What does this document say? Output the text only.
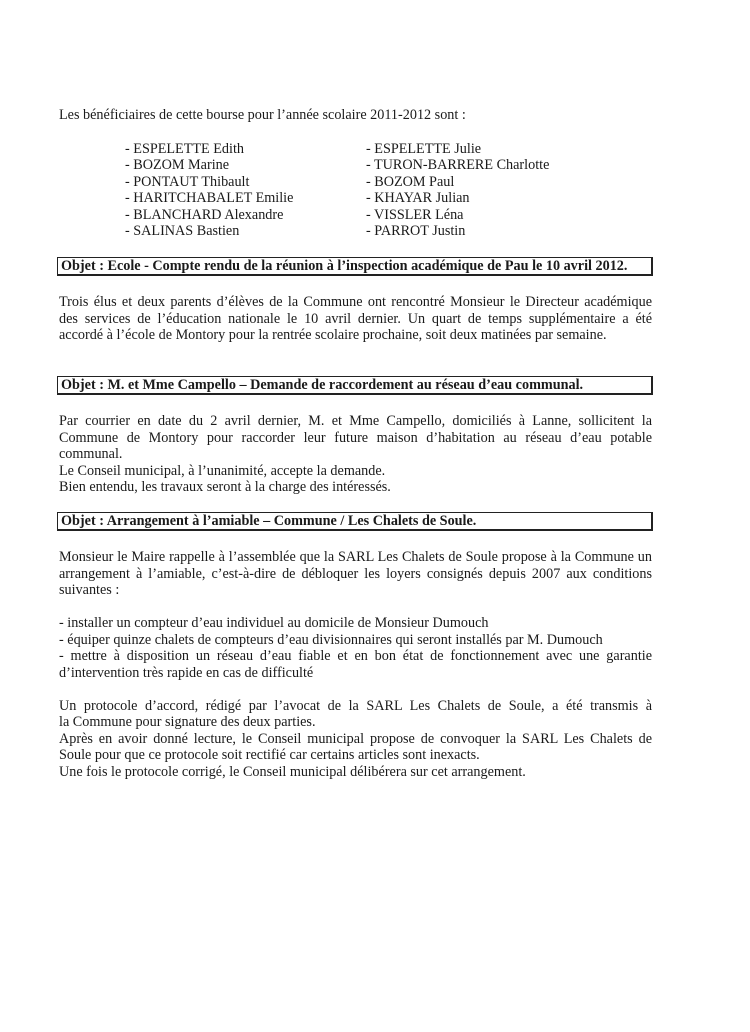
Les bénéficiaires de cette bourse pour l’année scolaire 2011-2012 sont :
- ESPELETTE Edith
- BOZOM Marine
- PONTAUT Thibault
- HARITCHABALET Emilie
- BLANCHARD Alexandre
- SALINAS Bastien
- ESPELETTE Julie
- TURON-BARRERE Charlotte
- BOZOM Paul
- KHAYAR Julian
- VISSLER Léna
- PARROT Justin
Objet : Ecole - Compte rendu de la réunion à l’inspection académique de Pau le 10 avril 2012.

Trois élus et deux parents d’élèves de la Commune ont rencontré Monsieur le Directeur académique

des services de l’éducation nationale le 10 avril dernier. Un quart de temps supplémentaire a été

accordé à l’école de Montory pour la rentrée scolaire prochaine, soit deux matinées par semaine.

Objet : M. et Mme Campello – Demande de raccordement au réseau d’eau communal.

Par courrier en date du 2 avril dernier, M. et Mme Campello, domiciliés à Lanne, sollicitent la

Commune de Montory pour raccorder leur future maison d’habitation au réseau d’eau potable

communal.

Le Conseil municipal, à l’unanimité, accepte la demande.

Bien entendu, les travaux seront à la charge des intéressés.

Objet : Arrangement à l’amiable – Commune / Les Chalets de Soule.

Monsieur le Maire rappelle à l’assemblée que la SARL Les Chalets de Soule propose à la Commune un

arrangement à l’amiable, c’est-à-dire de débloquer les loyers consignés depuis 2007 aux conditions

suivantes :

- installer un compteur d’eau individuel au domicile de Monsieur Dumouch

- équiper quinze chalets de compteurs d’eau divisionnaires qui seront installés par M. Dumouch

- mettre à disposition un réseau d’eau fiable et en bon état de fonctionnement avec une garantie

d’intervention très rapide en cas de difficulté

Un protocole d’accord, rédigé par l’avocat de la SARL Les Chalets de Soule, a été transmis à

la Commune pour signature des deux parties.

Après en avoir donné lecture, le Conseil municipal propose de convoquer la SARL Les Chalets de

Soule pour que ce protocole soit rectifié car certains articles sont inexacts.

Une fois le protocole corrigé, le Conseil municipal délibérera sur cet arrangement.
